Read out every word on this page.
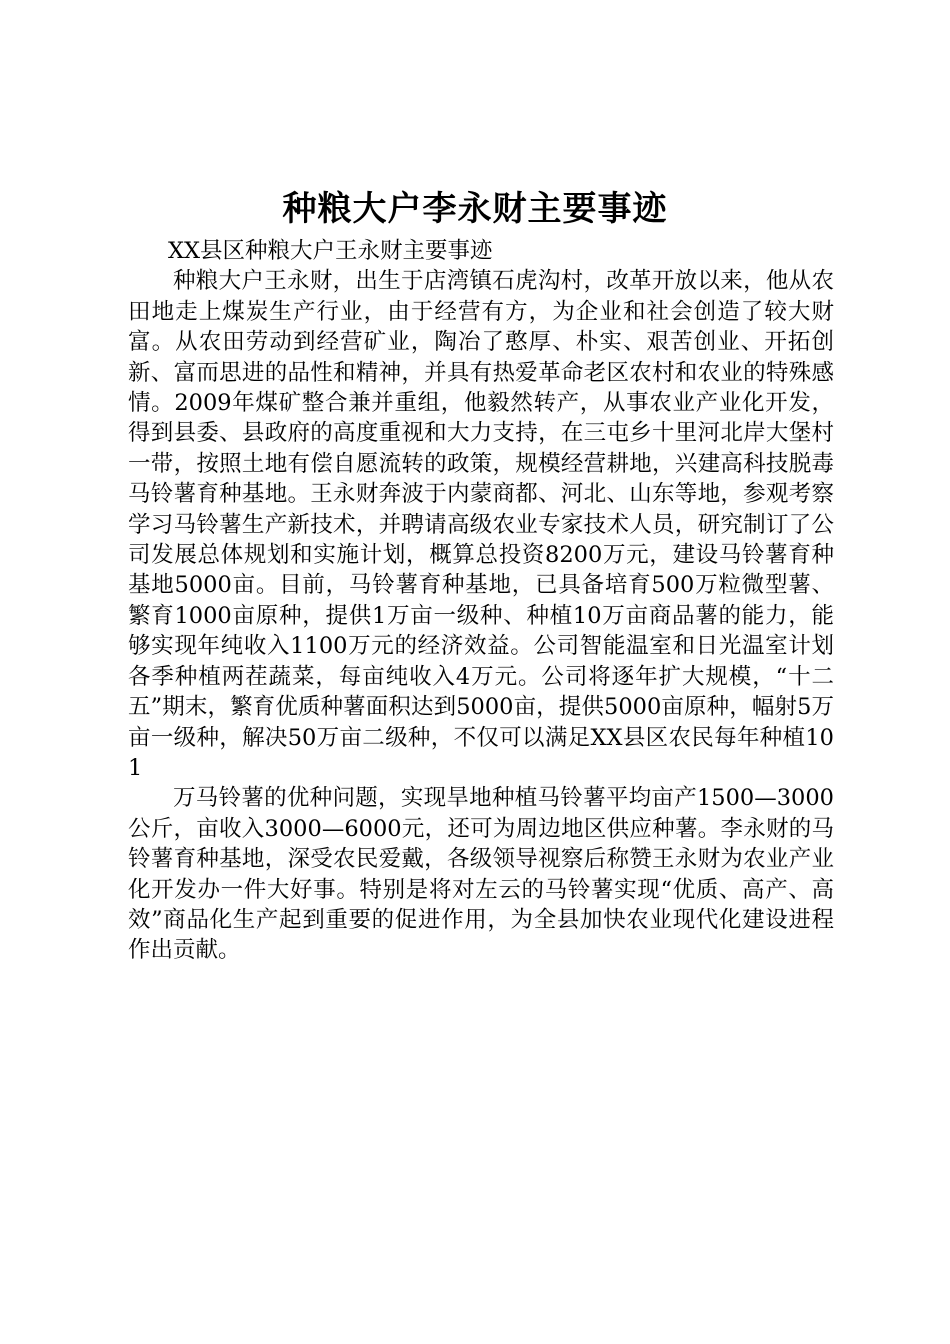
种粮大户李永财主要事迹

XX县区种粮大户王永财主要事迹

种粮大户王永财，出生于店湾镇石虎沟村，改革开放以来，他从农田地走上煤炭生产行业，由于经营有方，为企业和社会创造了较大财富。从农田劳动到经营矿业，陶冶了憨厚、朴实、艰苦创业、开拓创新、富而思进的品性和精神，并具有热爱革命老区农村和农业的特殊感情。2009年煤矿整合兼并重组，他毅然转产，从事农业产业化开发，得到县委、县政府的高度重视和大力支持，在三屯乡十里河北岸大堡村一带，按照土地有偿自愿流转的政策，规模经营耕地，兴建高科技脱毒马铃薯育种基地。王永财奔波于内蒙商都、河北、山东等地，参观考察学习马铃薯生产新技术，并聘请高级农业专家技术人员，研究制订了公司发展总体规划和实施计划，概算总投资8200万元，建设马铃薯育种基地5000亩。目前，马铃薯育种基地，已具备培育500万粒微型薯、繁育1000亩原种，提供1万亩一级种、种植10万亩商品薯的能力，能够实现年纯收入1100万元的经济效益。公司智能温室和日光温室计划各季种植两茬蔬菜，每亩纯收入4万元。公司将逐年扩大规模，“十二五”期末，繁育优质种薯面积达到5000亩，提供5000亩原种，幅射5万亩一级种，解决50万亩二级种，不仅可以满足XX县区农民每年种植101

万马铃薯的优种问题，实现旱地种植马铃薯平均亩产1500—3000公斤，亩收入3000—6000元，还可为周边地区供应种薯。李永财的马铃薯育种基地，深受农民爱戴，各级领导视察后称赞王永财为农业产业化开发办一件大好事。特别是将对左云的马铃薯实现“优质、高产、高效”商品化生产起到重要的促进作用，为全县加快农业现代化建设进程作出贡献。
